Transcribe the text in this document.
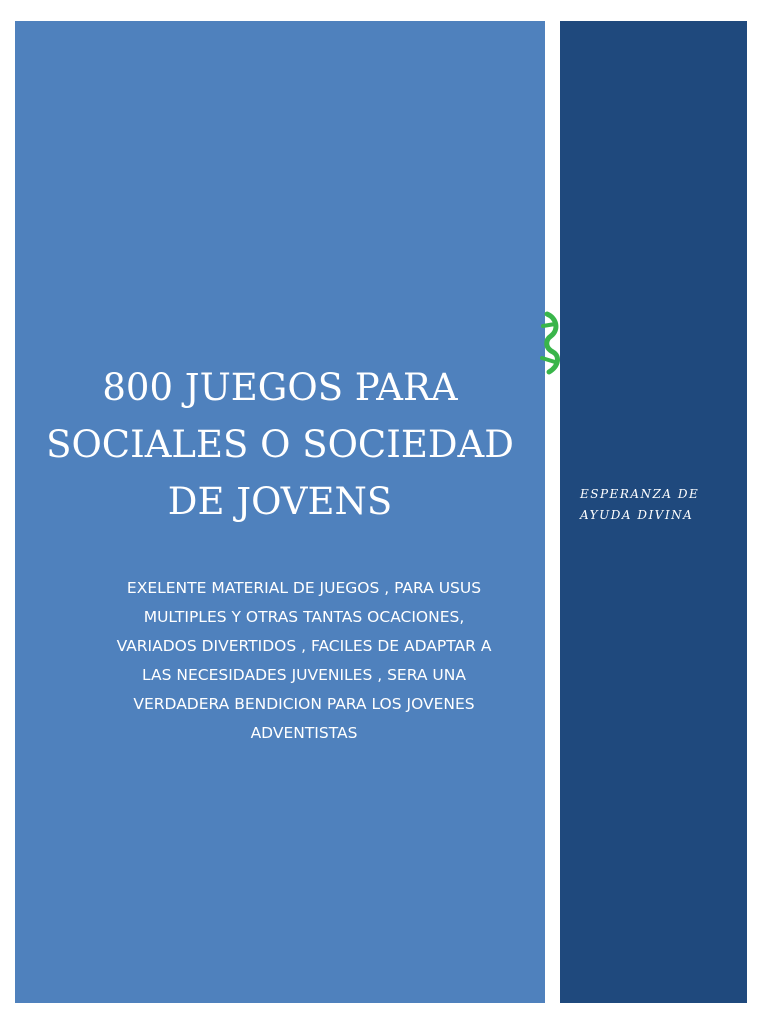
800 JUEGOS PARA
SOCIALES O SOCIEDAD
DE JOVENS

EXELENTE MATERIAL DE JUEGOS , PARA USUS
MULTIPLES Y OTRAS TANTAS OCACIONES,
VARIADOS DIVERTIDOS , FACILES DE ADAPTAR A
LAS NECESIDADES JUVENILES , SERA UNA
VERDADERA BENDICION PARA LOS JOVENES
ADVENTISTAS

ESPERANZA DE
AYUDA DIVINA
